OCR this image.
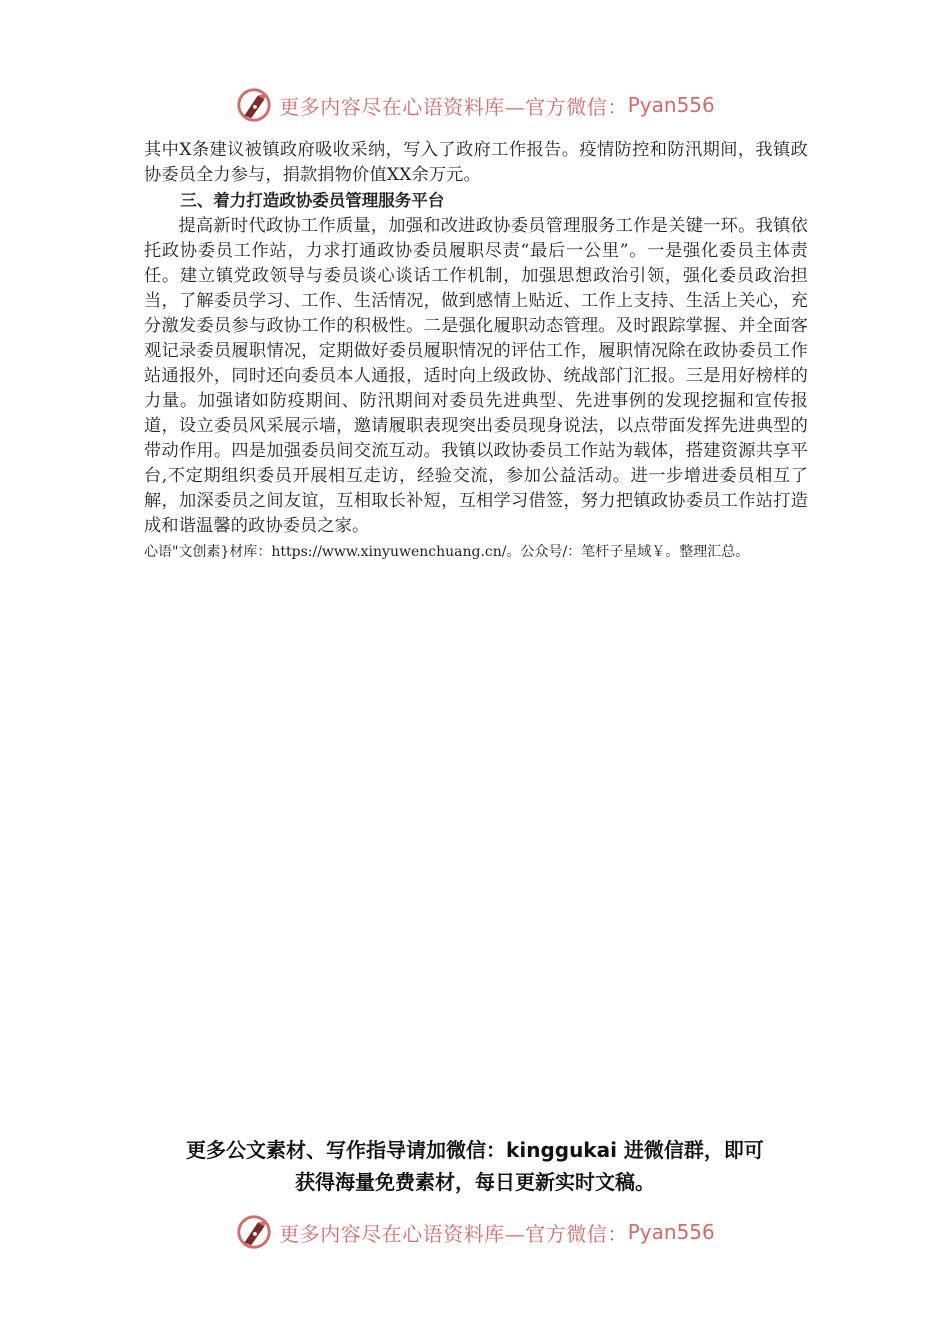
更多内容尽在心语资料库—官方微信： Pyan556

其中X条建议被镇政府吸收采纳，写入了政府工作报告。疫情防控和防汛期间，我镇政协委员全力参与，捐款捐物价值XX余万元。

三、着力打造政协委员管理服务平台

提高新时代政协工作质量，加强和改进政协委员管理服务工作是关键一环。我镇依托政协委员工作站，力求打通政协委员履职尽责“最后一公里”。一是强化委员主体责任。建立镇党政领导与委员谈心谈话工作机制，加强思想政治引领，强化委员政治担当，了解委员学习、工作、生活情况，做到感情上贴近、工作上支持、生活上关心，充分激发委员参与政协工作的积极性。二是强化履职动态管理。及时跟踪掌握、并全面客观记录委员履职情况，定期做好委员履职情况的评估工作，履职情况除在政协委员工作站通报外，同时还向委员本人通报，适时向上级政协、统战部门汇报。三是用好榜样的力量。加强诸如防疫期间、防汛期间对委员先进典型、先进事例的发现挖掘和宣传报道，设立委员风采展示墙，邀请履职表现突出委员现身说法，以点带面发挥先进典型的带动作用。四是加强委员间交流互动。我镇以政协委员工作站为载体，搭建资源共享平台,不定期组织委员开展相互走访，经验交流，参加公益活动。进一步增进委员相互了解，加深委员之间友谊，互相取长补短，互相学习借签，努力把镇政协委员工作站打造成和谐温馨的政协委员之家。

心语"文创素}材库：https://www.xinyuwenchuang.cn/。公众号/：笔杆子星域￥。整理汇总。

更多公文素材、写作指导请加微信：kinggukai 进微信群，即可
获得海量免费素材，每日更新实时文稿。
更多内容尽在心语资料库—官方微信： Pyan556
